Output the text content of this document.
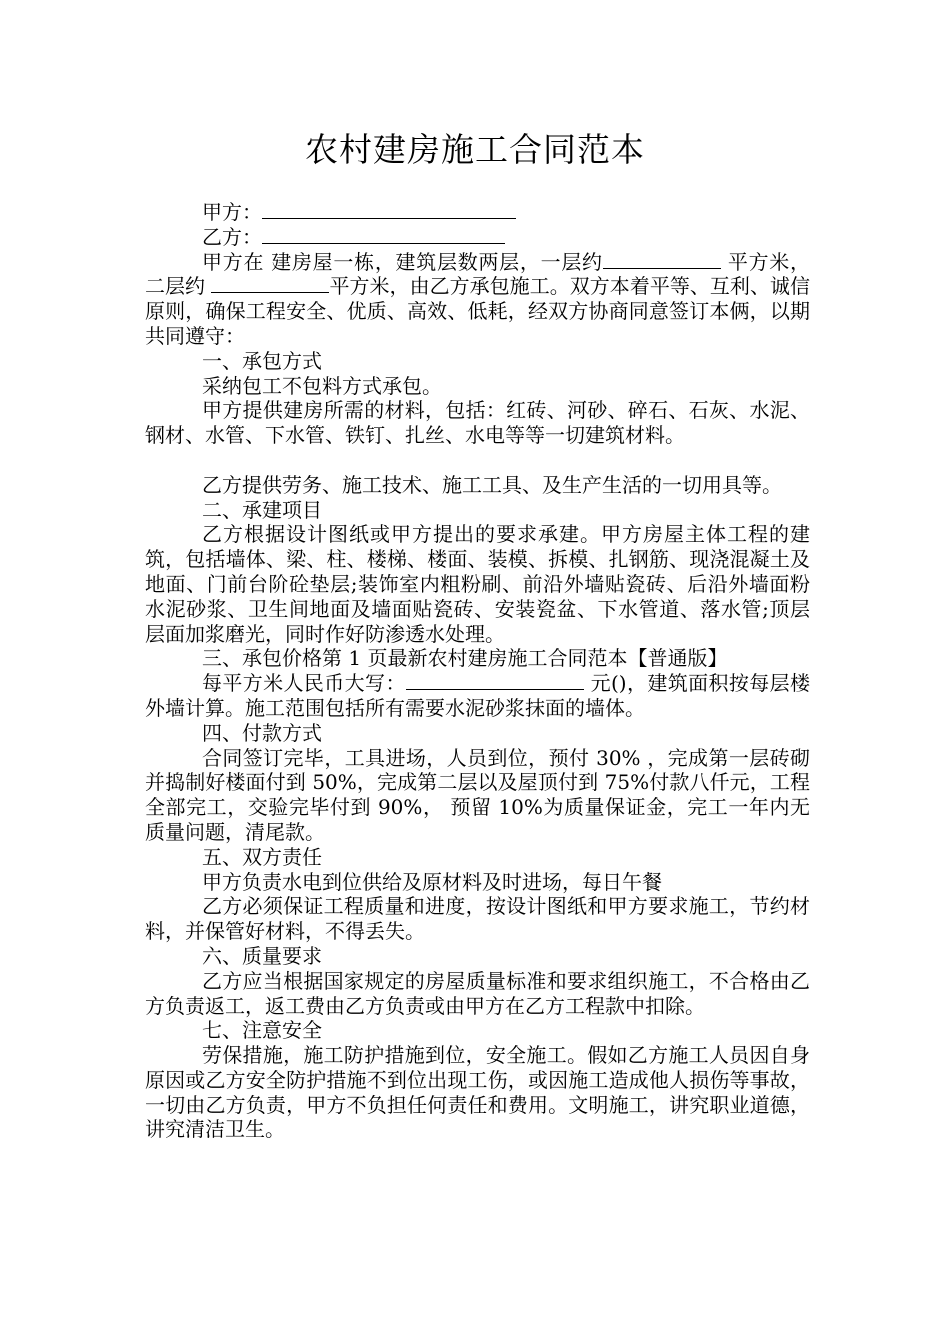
农村建房施工合同范本

甲方：

乙方：

甲方在 建房屋一栋，建筑层数两层，一层约	平方米，二层约	平方米，由乙方承包施工。双方本着平等、互利、诚信原则，确保工程安全、优质、高效、低耗，经双方协商同意签订本俩，以期共同遵守：

一、承包方式

采纳包工不包料方式承包。

甲方提供建房所需的材料，包括：红砖、河砂、碎石、石灰、水泥、钢材、水管、下水管、铁钉、扎丝、水电等等一切建筑材料。

乙方提供劳务、施工技术、施工工具、及生产生活的一切用具等。

二、承建项目

乙方根据设计图纸或甲方提出的要求承建。甲方房屋主体工程的建筑，包括墙体、梁、柱、楼梯、楼面、装模、拆模、扎钢筋、现浇混凝土及地面、门前台阶砼垫层;装饰室内粗粉刷、前沿外墙贴瓷砖、后沿外墙面粉水泥砂浆、卫生间地面及墙面贴瓷砖、安装瓷盆、下水管道、落水管;顶层层面加浆磨光，同时作好防渗透水处理。

三、承包价格第 1 页最新农村建房施工合同范本【普通版】

每平方米人民币大写：	元()，建筑面积按每层楼外墙计算。施工范围包括所有需要水泥砂浆抹面的墙体。

四、付款方式

合同签订完毕，工具进场，人员到位，预付 30% ，完成第一层砖砌并捣制好楼面付到 50%，完成第二层以及屋顶付到 75%付款八仟元，工程全部完工，交验完毕付到 90%， 预留 10%为质量保证金，完工一年内无质量问题，清尾款。

五、双方责任

甲方负责水电到位供给及原材料及时进场，每日午餐

乙方必须保证工程质量和进度，按设计图纸和甲方要求施工，节约材料，并保管好材料，不得丢失。

六、质量要求

乙方应当根据国家规定的房屋质量标准和要求组织施工，不合格由乙方负责返工，返工费由乙方负责或由甲方在乙方工程款中扣除。

七、注意安全

劳保措施，施工防护措施到位，安全施工。假如乙方施工人员因自身原因或乙方安全防护措施不到位出现工伤，或因施工造成他人损伤等事故，一切由乙方负责，甲方不负担任何责任和费用。文明施工，讲究职业道德，讲究清洁卫生。
